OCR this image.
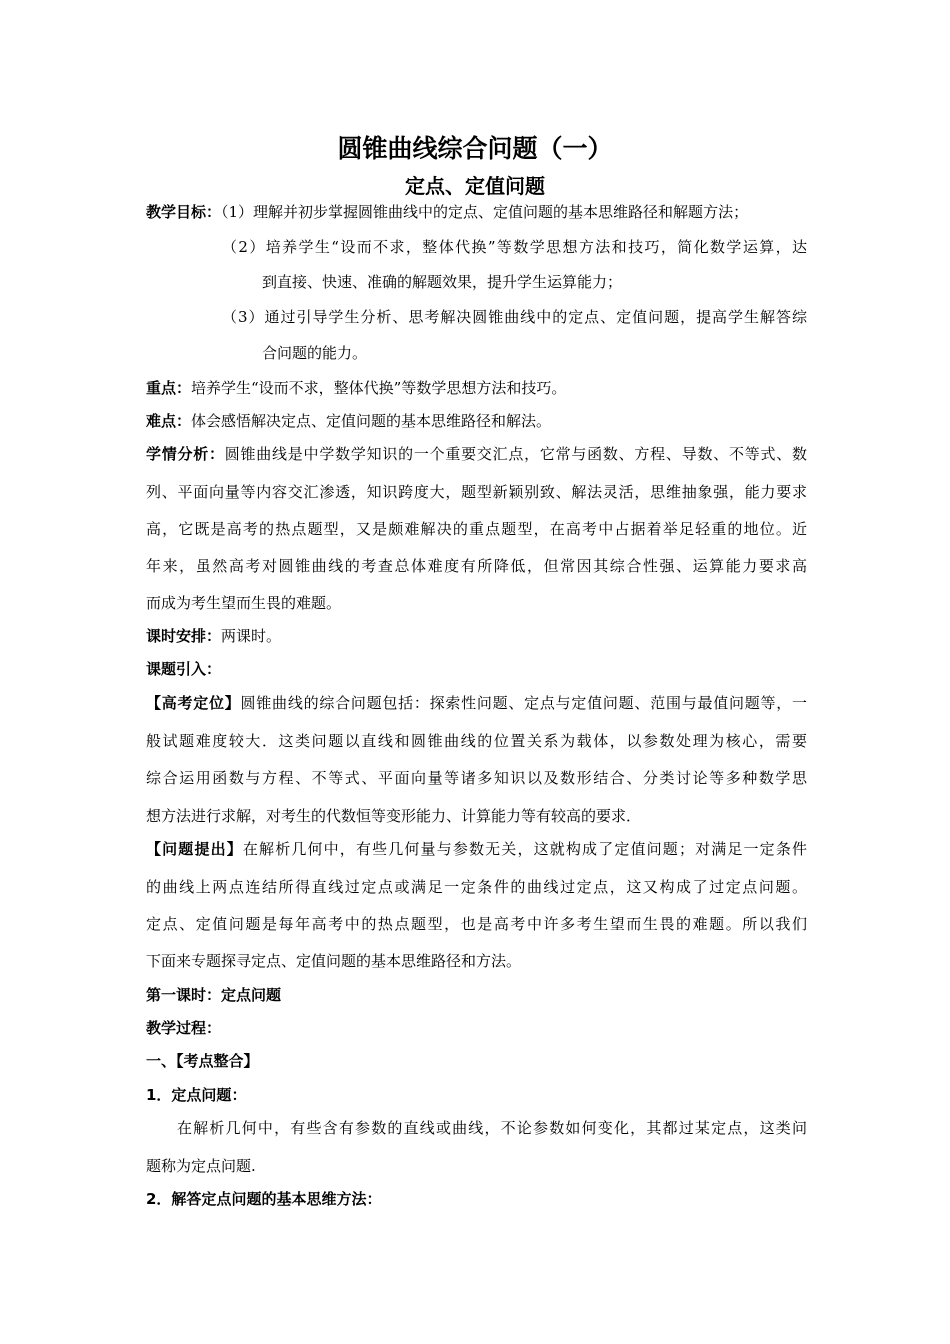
圆锥曲线综合问题（一）
定点、定值问题
教学目标：（1）理解并初步掌握圆锥曲线中的定点、定值问题的基本思维路径和解题方法；
（2）培养学生“设而不求，整体代换”等数学思想方法和技巧，简化数学运算，达
到直接、快速、准确的解题效果，提升学生运算能力；
（3）通过引导学生分析、思考解决圆锥曲线中的定点、定值问题，提高学生解答综
合问题的能力。
重点：培养学生“设而不求，整体代换”等数学思想方法和技巧。
难点：体会感悟解决定点、定值问题的基本思维路径和解法。
学情分析：圆锥曲线是中学数学知识的一个重要交汇点，它常与函数、方程、导数、不等式、数
列、平面向量等内容交汇渗透，知识跨度大，题型新颖别致、解法灵活，思维抽象强，能力要求
高，它既是高考的热点题型，又是颇难解决的重点题型，在高考中占据着举足轻重的地位。近
年来，虽然高考对圆锥曲线的考查总体难度有所降低，但常因其综合性强、运算能力要求高
而成为考生望而生畏的难题。
课时安排：两课时。
课题引入：
【高考定位】圆锥曲线的综合问题包括：探索性问题、定点与定值问题、范围与最值问题等，一
般试题难度较大．这类问题以直线和圆锥曲线的位置关系为载体，以参数处理为核心，需要
综合运用函数与方程、不等式、平面向量等诸多知识以及数形结合、分类讨论等多种数学思
想方法进行求解，对考生的代数恒等变形能力、计算能力等有较高的要求．
【问题提出】在解析几何中，有些几何量与参数无关，这就构成了定值问题；对满足一定条件
的曲线上两点连结所得直线过定点或满足一定条件的曲线过定点，这又构成了过定点问题。
定点、定值问题是每年高考中的热点题型，也是高考中许多考生望而生畏的难题。所以我们
下面来专题探寻定点、定值问题的基本思维路径和方法。
第一课时：定点问题
教学过程：
一、【考点整合】
1．定点问题：
在解析几何中，有些含有参数的直线或曲线，不论参数如何变化，其都过某定点，这类问
题称为定点问题.
2．解答定点问题的基本思维方法：
